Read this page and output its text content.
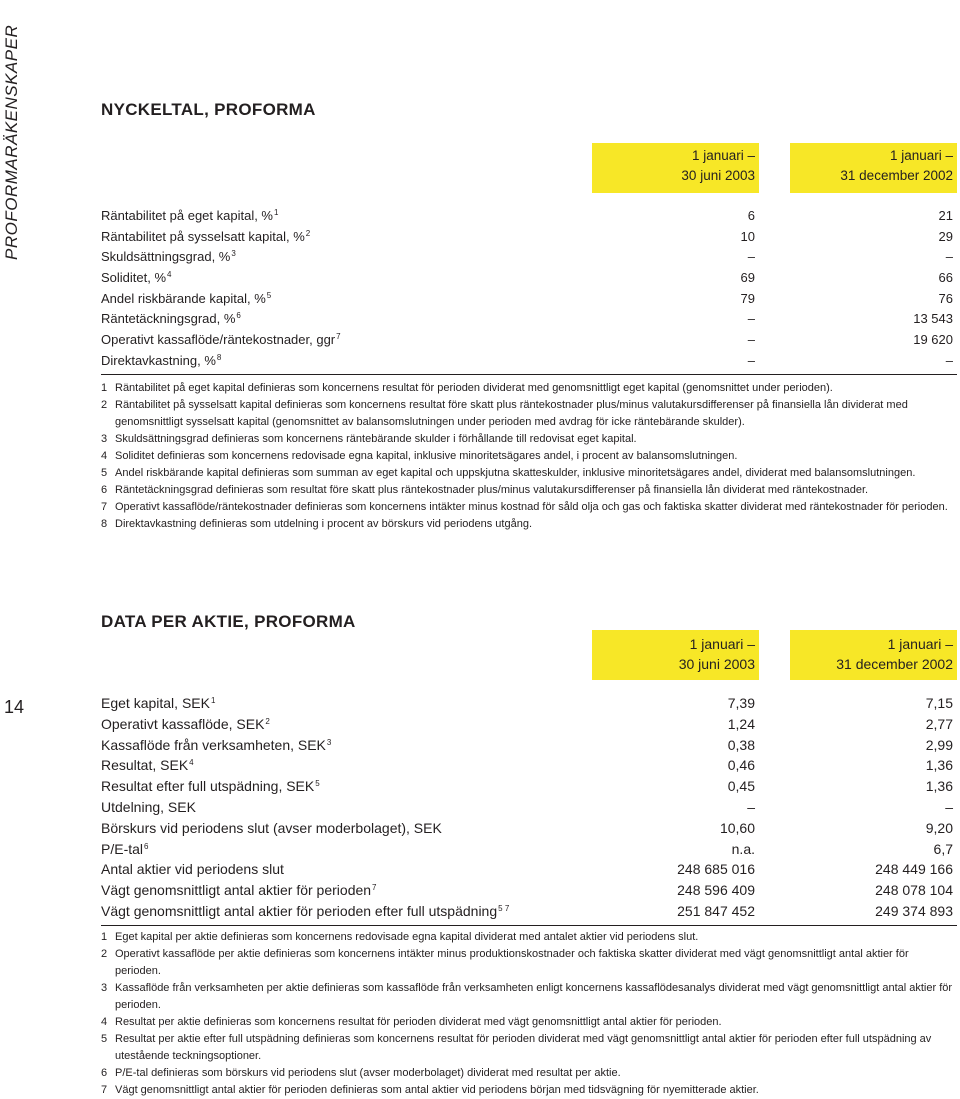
PROFORMARÄKENSKAPER
14
NYCKELTAL, PROFORMA
1 januari –
30 juni 2003
1 januari –
31 december 2002
Räntabilitet på eget kapital, %$^1$	6	21
Räntabilitet på sysselsatt kapital, %$^2$	10	29
Skuldsättningsgrad, %$^3$	–	–
Soliditet, %$^4$	69	66
Andel riskbärande kapital, %$^5$	79	76
Räntetäckningsgrad, %$^6$	–	13 543
Operativt kassaflöde/räntekostnader, ggr$^7$	–	19 620
Direktavkastning, %$^8$	–	–
1 Räntabilitet på eget kapital definieras som koncernens resultat för perioden dividerat med genomsnittligt eget kapital (genomsnittet under perioden).
2 Räntabilitet på sysselsatt kapital definieras som koncernens resultat före skatt plus räntekostnader plus/minus valutakursdifferenser på finansiella lån dividerat med genomsnittligt sysselsatt kapital (genomsnittet av balansomslutningen under perioden med avdrag för icke räntebärande skulder).
3 Skuldsättningsgrad definieras som koncernens räntebärande skulder i förhållande till redovisat eget kapital.
4 Soliditet definieras som koncernens redovisade egna kapital, inklusive minoritetsägares andel, i procent av balansomslutningen.
5 Andel riskbärande kapital definieras som summan av eget kapital och uppskjutna skatteskulder, inklusive minoritetsägares andel, dividerat med balansomslutningen.
6 Räntetäckningsgrad definieras som resultat före skatt plus räntekostnader plus/minus valutakursdifferenser på finansiella lån dividerat med räntekostnader.
7 Operativt kassaflöde/räntekostnader definieras som koncernens intäkter minus kostnad för såld olja och gas och faktiska skatter dividerat med räntekostnader för perioden.
8 Direktavkastning definieras som utdelning i procent av börskurs vid periodens utgång.
DATA PER AKTIE, PROFORMA
1 januari –
30 juni 2003
1 januari –
31 december 2002
Eget kapital, SEK$^1$	7,39	7,15
Operativt kassaflöde, SEK$^2$	1,24	2,77
Kassaflöde från verksamheten, SEK$^3$	0,38	2,99
Resultat, SEK$^4$	0,46	1,36
Resultat efter full utspädning, SEK$^5$	0,45	1,36
Utdelning, SEK	–	–
Börskurs vid periodens slut (avser moderbolaget), SEK	10,60	9,20
P/E-tal$^6$	n.a.	6,7
Antal aktier vid periodens slut	248 685 016	248 449 166
Vägt genomsnittligt antal aktier för perioden$^7$	248 596 409	248 078 104
Vägt genomsnittligt antal aktier för perioden efter full utspädning$^{5 7}$	251 847 452	249 374 893
1 Eget kapital per aktie definieras som koncernens redovisade egna kapital dividerat med antalet aktier vid periodens slut.
2 Operativt kassaflöde per aktie definieras som koncernens intäkter minus produktionskostnader och faktiska skatter dividerat med vägt genomsnittligt antal aktier för perioden.
3 Kassaflöde från verksamheten per aktie definieras som kassaflöde från verksamheten enligt koncernens kassaflödesanalys dividerat med vägt genomsnittligt antal aktier för perioden.
4 Resultat per aktie definieras som koncernens resultat för perioden dividerat med vägt genomsnittligt antal aktier för perioden.
5 Resultat per aktie efter full utspädning definieras som koncernens resultat för perioden dividerat med vägt genomsnittligt antal aktier för perioden efter full utspädning av utestående teckningsoptioner.
6 P/E-tal definieras som börskurs vid periodens slut (avser moderbolaget) dividerat med resultat per aktie.
7 Vägt genomsnittligt antal aktier för perioden definieras som antal aktier vid periodens början med tidsvägning för nyemitterade aktier.
